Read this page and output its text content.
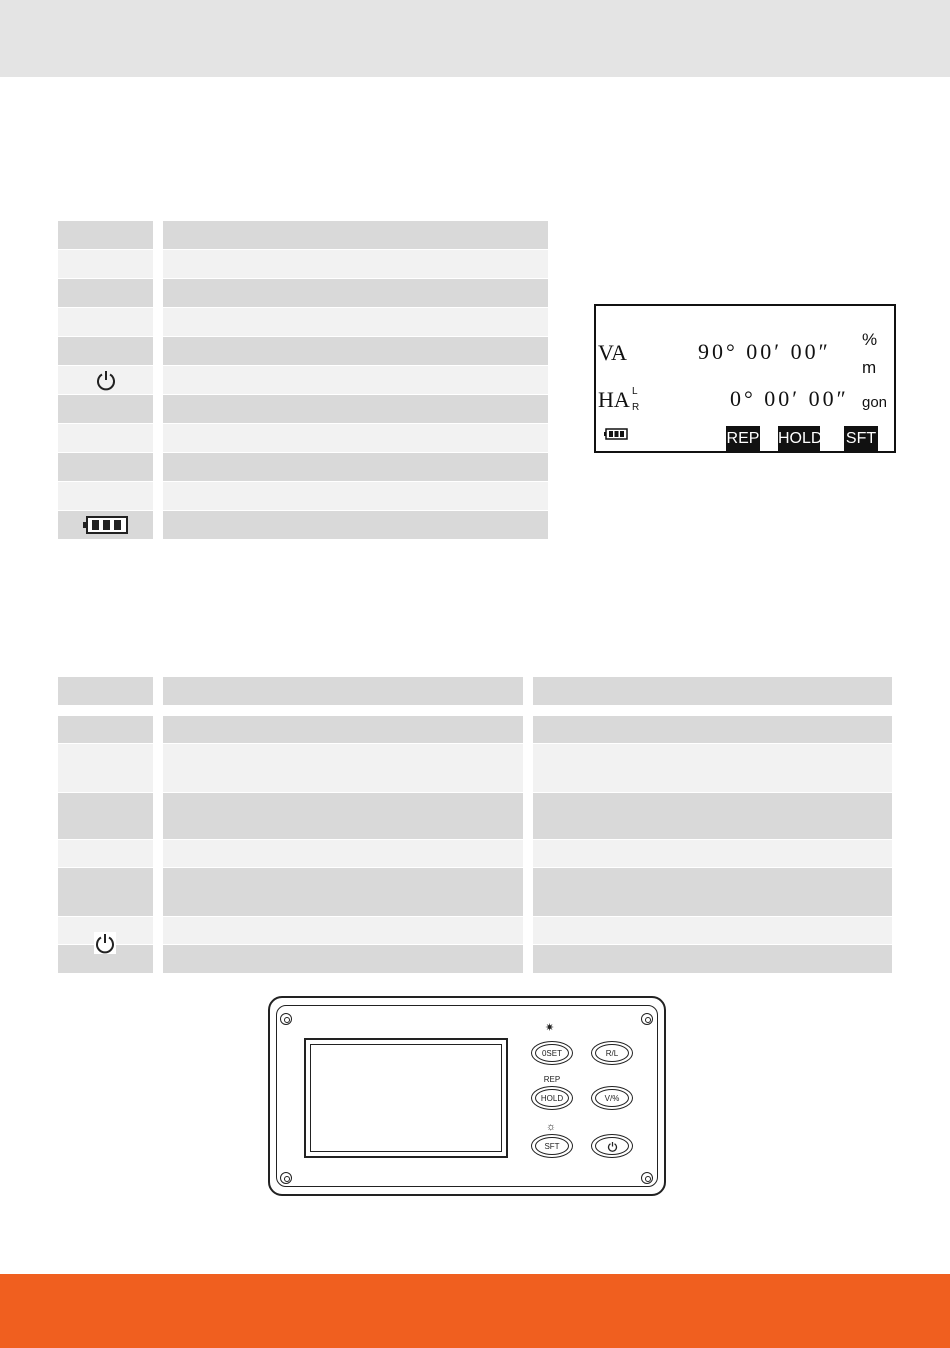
VA	90° 00′ 00″ %
m
HA L
R	0° 00′ 00″ gon
REP HOLD SFT
✷
0SET	R/L
REP
HOLD	V/%
☼
SFT
